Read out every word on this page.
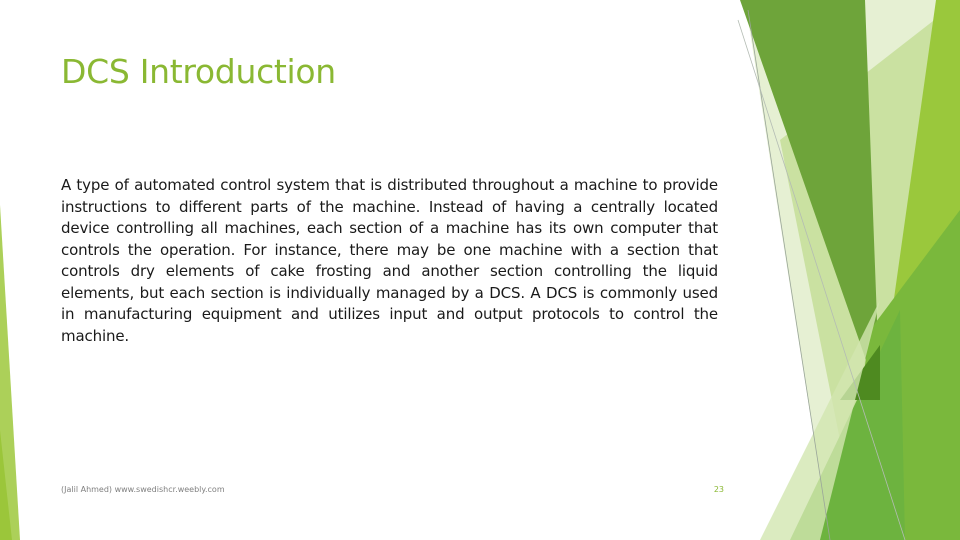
DCS Introduction

A type of automated control system that is distributed throughout a machine to provide instructions to different parts of the machine. Instead of having a centrally located device controlling all machines, each section of a machine has its own computer that controls the operation. For instance, there may be one machine with a section that controls dry elements of cake frosting and another section controlling the liquid elements, but each section is individually managed by a DCS. A DCS is commonly used in manufacturing equipment and utilizes input and output protocols to control the machine.

(Jalil Ahmed) www.swedishcr.weebly.com	23
